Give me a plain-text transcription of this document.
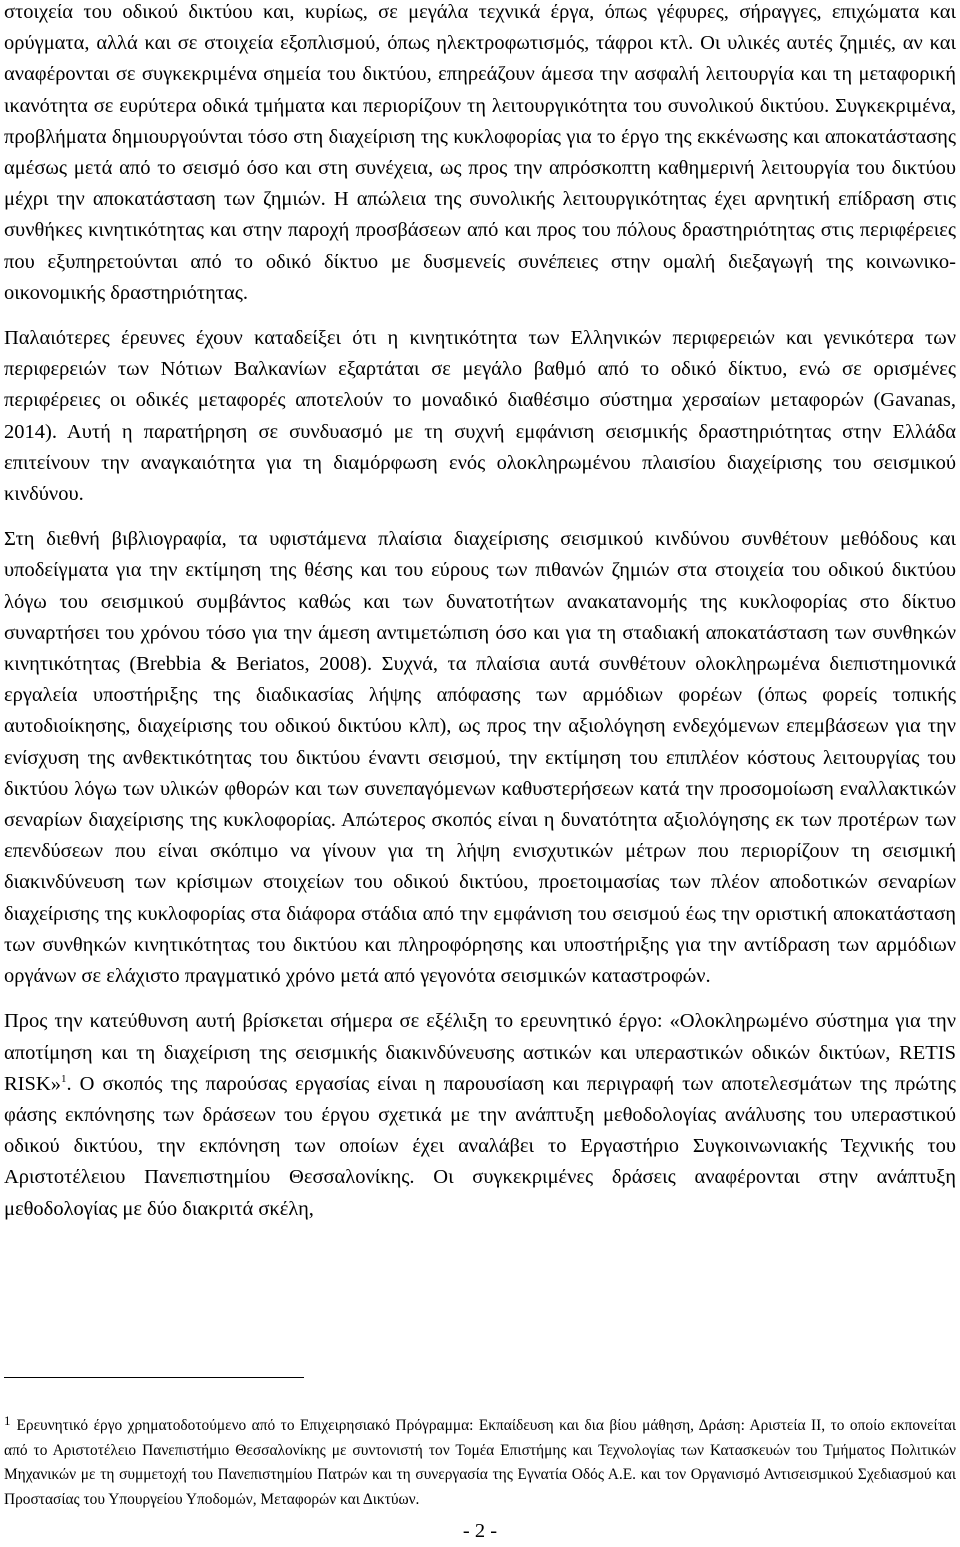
στοιχεία του οδικού δικτύου και, κυρίως, σε μεγάλα τεχνικά έργα, όπως γέφυρες, σήραγγες, επιχώματα και ορύγματα, αλλά και σε στοιχεία εξοπλισμού, όπως ηλεκτροφωτισμός, τάφροι κτλ. Οι υλικές αυτές ζημιές, αν και αναφέρονται σε συγκεκριμένα σημεία του δικτύου, επηρεάζουν άμεσα την ασφαλή λειτουργία και τη μεταφορική ικανότητα σε ευρύτερα οδικά τμήματα και περιορίζουν τη λειτουργικότητα του συνολικού δικτύου. Συγκεκριμένα, προβλήματα δημιουργούνται τόσο στη διαχείριση της κυκλοφορίας για το έργο της εκκένωσης και αποκατάστασης αμέσως μετά από το σεισμό όσο και στη συνέχεια, ως προς την απρόσκοπτη καθημερινή λειτουργία του δικτύου μέχρι την αποκατάσταση των ζημιών. Η απώλεια της συνολικής λειτουργικότητας έχει αρνητική επίδραση στις συνθήκες κινητικότητας και στην παροχή προσβάσεων από και προς του πόλους δραστηριότητας στις περιφέρειες που εξυπηρετούνται από το οδικό δίκτυο με δυσμενείς συνέπειες στην ομαλή διεξαγωγή της κοινωνικο-οικονομικής δραστηριότητας.

Παλαιότερες έρευνες έχουν καταδείξει ότι η κινητικότητα των Ελληνικών περιφερειών και γενικότερα των περιφερειών των Νότιων Βαλκανίων εξαρτάται σε μεγάλο βαθμό από το οδικό δίκτυο, ενώ σε ορισμένες περιφέρειες οι οδικές μεταφορές αποτελούν το μοναδικό διαθέσιμο σύστημα χερσαίων μεταφορών (Gavanas, 2014). Αυτή η παρατήρηση σε συνδυασμό με τη συχνή εμφάνιση σεισμικής δραστηριότητας στην Ελλάδα επιτείνουν την αναγκαιότητα για τη διαμόρφωση ενός ολοκληρωμένου πλαισίου διαχείρισης του σεισμικού κινδύνου.

Στη διεθνή βιβλιογραφία, τα υφιστάμενα πλαίσια διαχείρισης σεισμικού κινδύνου συνθέτουν μεθόδους και υποδείγματα για την εκτίμηση της θέσης και του εύρους των πιθανών ζημιών στα στοιχεία του οδικού δικτύου λόγω του σεισμικού συμβάντος καθώς και των δυνατοτήτων ανακατανομής της κυκλοφορίας στο δίκτυο συναρτήσει του χρόνου τόσο για την άμεση αντιμετώπιση όσο και για τη σταδιακή αποκατάσταση των συνθηκών κινητικότητας (Brebbia & Beriatos, 2008). Συχνά, τα πλαίσια αυτά συνθέτουν ολοκληρωμένα διεπιστημονικά εργαλεία υποστήριξης της διαδικασίας λήψης απόφασης των αρμόδιων φορέων (όπως φορείς τοπικής αυτοδιοίκησης, διαχείρισης του οδικού δικτύου κλπ), ως προς την αξιολόγηση ενδεχόμενων επεμβάσεων για την ενίσχυση της ανθεκτικότητας του δικτύου έναντι σεισμού, την εκτίμηση του επιπλέον κόστους λειτουργίας του δικτύου λόγω των υλικών φθορών και των συνεπαγόμενων καθυστερήσεων κατά την προσομοίωση εναλλακτικών σεναρίων διαχείρισης της κυκλοφορίας. Απώτερος σκοπός είναι η δυνατότητα αξιολόγησης εκ των προτέρων των επενδύσεων που είναι σκόπιμο να γίνουν για τη λήψη ενισχυτικών μέτρων που περιορίζουν τη σεισμική διακινδύνευση των κρίσιμων στοιχείων του οδικού δικτύου, προετοιμασίας των πλέον αποδοτικών σεναρίων διαχείρισης της κυκλοφορίας στα διάφορα στάδια από την εμφάνιση του σεισμού έως την οριστική αποκατάσταση των συνθηκών κινητικότητας του δικτύου και πληροφόρησης και υποστήριξης για την αντίδραση των αρμόδιων οργάνων σε ελάχιστο πραγματικό χρόνο μετά από γεγονότα σεισμικών καταστροφών.

Προς την κατεύθυνση αυτή βρίσκεται σήμερα σε εξέλιξη το ερευνητικό έργο: «Ολοκληρωμένο σύστημα για την αποτίμηση και τη διαχείριση της σεισμικής διακινδύνευσης αστικών και υπεραστικών οδικών δικτύων, RETIS RISK»$^1$. Ο σκοπός της παρούσας εργασίας είναι η παρουσίαση και περιγραφή των αποτελεσμάτων της πρώτης φάσης εκπόνησης των δράσεων του έργου σχετικά με την ανάπτυξη μεθοδολογίας ανάλυσης του υπεραστικού οδικού δικτύου, την εκπόνηση των οποίων έχει αναλάβει το Εργαστήριο Συγκοινωνιακής Τεχνικής του Αριστοτέλειου Πανεπιστημίου Θεσσαλονίκης. Οι συγκεκριμένες δράσεις αναφέρονται στην ανάπτυξη μεθοδολογίας με δύο διακριτά σκέλη,

$^1$ Ερευνητικό έργο χρηματοδοτούμενο από το Επιχειρησιακό Πρόγραμμα: Εκπαίδευση και δια βίου μάθηση, Δράση: Αριστεία ΙΙ, το οποίο εκπονείται από το Αριστοτέλειο Πανεπιστήμιο Θεσσαλονίκης με συντονιστή τον Τομέα Επιστήμης και Τεχνολογίας των Κατασκευών του Τμήματος Πολιτικών Μηχανικών με τη συμμετοχή του Πανεπιστημίου Πατρών και τη συνεργασία της Εγνατία Οδός Α.Ε. και τον Οργανισμό Αντισεισμικού Σχεδιασμού και Προστασίας του Υπουργείου Υποδομών, Μεταφορών και Δικτύων.

- 2 -
